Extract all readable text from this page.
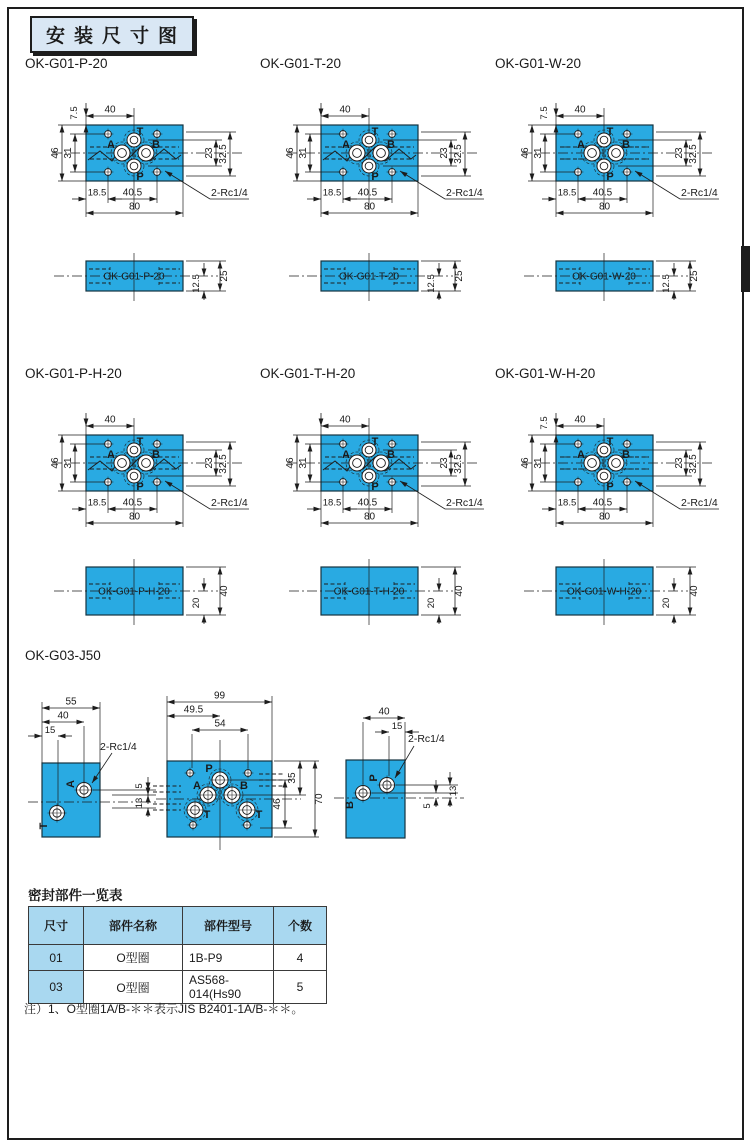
安装尺寸图
OK-G01-P-20
40
7.5
46 31	23 32.5
18.5 40.5
80
2-Rc1/4
T
A	B
P
OK-G01-P-20	12.5 25
OK-G01-T-20
40
46 31	23 32.5
18.5 40.5
80
2-Rc1/4
T
A	B
P
OK-G01-T-20	12.5 25
OK-G01-W-20
40
7.5
46 31	23 32.5
18.5 40.5
80
2-Rc1/4
T
A	B
P
OK-G01-W-20	12.5 25
OK-G01-P-H-20
40
46 31	23 32.5
18.5 40.5
80
2-Rc1/4
T
A	B
P
OK-G01-P-H-20
20
40
OK-G01-T-H-20
40
46 31	23 32.5
18.5 40.5
80
2-Rc1/4
T
A	B
P
OK-G01-T-H-20
20
40
OK-G01-W-H-20
40
7.5
46 31	23 32.5
18.5 40.5
80
2-Rc1/4
T
A	B
P
OK-G01-W-H-20
20
40
OK-G03-J50
55
40
15
A
T
2-Rc1/4
5
13
99
49.5
54
P
A	B
T	T
46
35
70
40
15
P
B
2-Rc1/4
13
5
密封部件一览表
尺寸	部件名称	部件型号	个数
01	O型圈	1B-P9	4
03	O型圈	AS568-014(Hs90	5
注）1、O型圈1A/B-＊＊表示JIS B2401-1A/B-＊＊。
